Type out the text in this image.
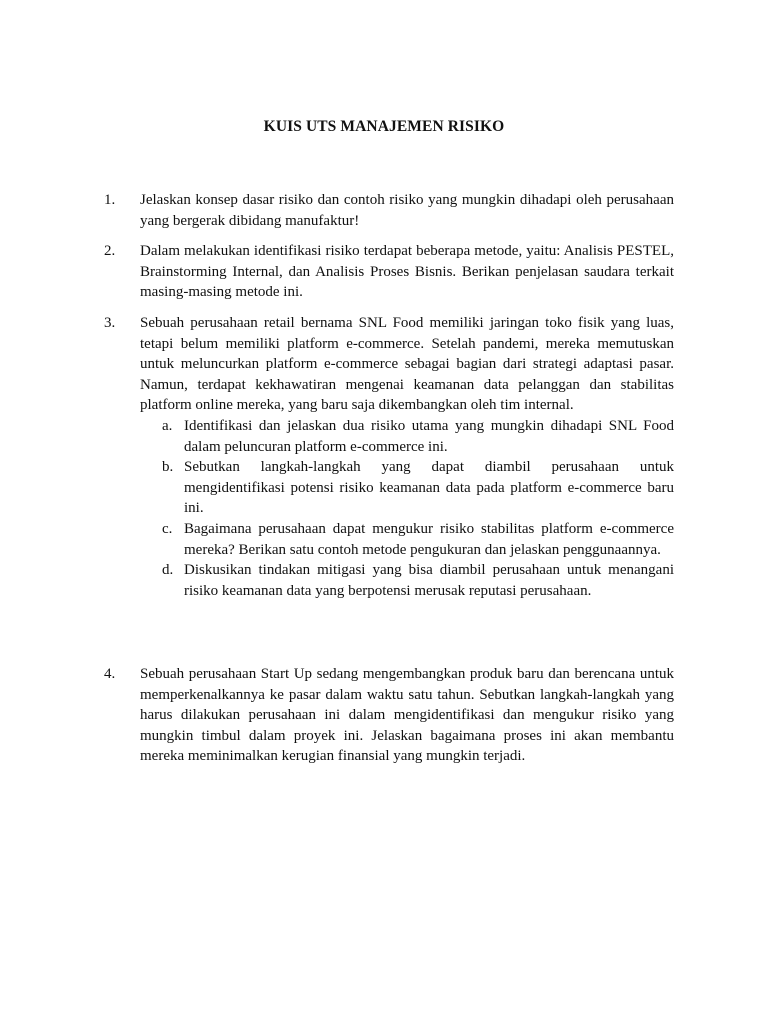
KUIS UTS MANAJEMEN RISIKO
1.	Jelaskan konsep dasar risiko dan contoh risiko yang mungkin dihadapi oleh perusahaan yang bergerak dibidang manufaktur!
2.	Dalam melakukan identifikasi risiko terdapat beberapa metode, yaitu: Analisis PESTEL, Brainstorming Internal, dan Analisis Proses Bisnis. Berikan penjelasan saudara terkait masing-masing metode ini.
3.	Sebuah perusahaan retail bernama SNL Food memiliki jaringan toko fisik yang luas, tetapi belum memiliki platform e-commerce. Setelah pandemi, mereka memutuskan untuk meluncurkan platform e-commerce sebagai bagian dari strategi adaptasi pasar. Namun, terdapat kekhawatiran mengenai keamanan data pelanggan dan stabilitas platform online mereka, yang baru saja dikembangkan oleh tim internal.
a. Identifikasi dan jelaskan dua risiko utama yang mungkin dihadapi SNL Food dalam peluncuran platform e-commerce ini.
b. Sebutkan langkah-langkah yang dapat diambil perusahaan untuk mengidentifikasi potensi risiko keamanan data pada platform e-commerce baru ini.
c. Bagaimana perusahaan dapat mengukur risiko stabilitas platform e-commerce mereka? Berikan satu contoh metode pengukuran dan jelaskan penggunaannya.
d. Diskusikan tindakan mitigasi yang bisa diambil perusahaan untuk menangani risiko keamanan data yang berpotensi merusak reputasi perusahaan.
4.	Sebuah perusahaan Start Up sedang mengembangkan produk baru dan berencana untuk memperkenalkannya ke pasar dalam waktu satu tahun. Sebutkan langkah-langkah yang harus dilakukan perusahaan ini dalam mengidentifikasi dan mengukur risiko yang mungkin timbul dalam proyek ini. Jelaskan bagaimana proses ini akan membantu mereka meminimalkan kerugian finansial yang mungkin terjadi.
